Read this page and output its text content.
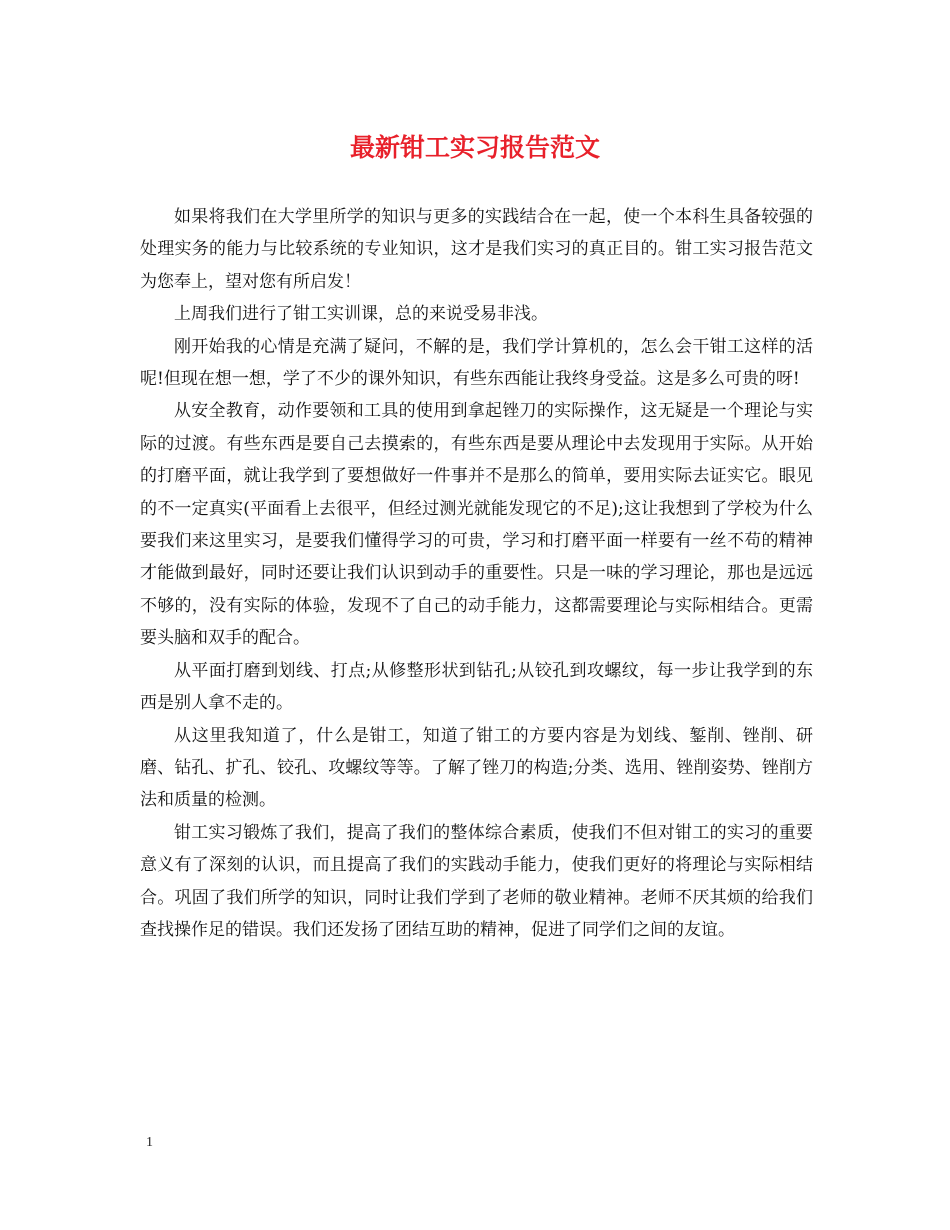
最新钳工实习报告范文

如果将我们在大学里所学的知识与更多的实践结合在一起，使一个本科生具备较强的处理实务的能力与比较系统的专业知识，这才是我们实习的真正目的。钳工实习报告范文为您奉上，望对您有所启发！

上周我们进行了钳工实训课，总的来说受易非浅。

刚开始我的心情是充满了疑问，不解的是，我们学计算机的，怎么会干钳工这样的活呢!但现在想一想，学了不少的课外知识，有些东西能让我终身受益。这是多么可贵的呀!

从安全教育，动作要领和工具的使用到拿起锉刀的实际操作，这无疑是一个理论与实际的过渡。有些东西是要自己去摸索的，有些东西是要从理论中去发现用于实际。从开始的打磨平面，就让我学到了要想做好一件事并不是那么的简单，要用实际去证实它。眼见的不一定真实(平面看上去很平，但经过测光就能发现它的不足);这让我想到了学校为什么要我们来这里实习，是要我们懂得学习的可贵，学习和打磨平面一样要有一丝不苟的精神才能做到最好，同时还要让我们认识到动手的重要性。只是一味的学习理论，那也是远远不够的，没有实际的体验，发现不了自己的动手能力，这都需要理论与实际相结合。更需要头脑和双手的配合。

从平面打磨到划线、打点;从修整形状到钻孔;从铰孔到攻螺纹，每一步让我学到的东西是别人拿不走的。

从这里我知道了，什么是钳工，知道了钳工的方要内容是为划线、錾削、锉削、研磨、钻孔、扩孔、铰孔、攻螺纹等等。了解了锉刀的构造;分类、选用、锉削姿势、锉削方法和质量的检测。

钳工实习锻炼了我们，提高了我们的整体综合素质，使我们不但对钳工的实习的重要意义有了深刻的认识，而且提高了我们的实践动手能力，使我们更好的将理论与实际相结合。巩固了我们所学的知识，同时让我们学到了老师的敬业精神。老师不厌其烦的给我们查找操作足的错误。我们还发扬了团结互助的精神，促进了同学们之间的友谊。

1
